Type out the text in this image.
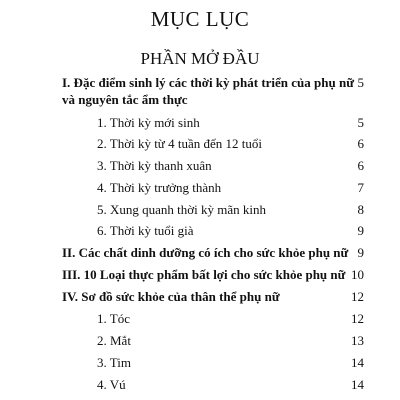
MỤC LỤC
PHẦN MỞ ĐẦU
I. Đặc điểm sinh lý các thời kỳ phát triển của phụ nữ
và nguyên tắc ẩm thực
5
1. Thời kỳ mới sinh	5
2. Thời kỳ từ 4 tuần đến 12 tuổi	6
3. Thời kỳ thanh xuân	6
4. Thời kỳ trưởng thành	7
5. Xung quanh thời kỳ mãn kinh	8
6. Thời kỳ tuổi già	9
II. Các chất dinh dưỡng có ích cho sức khỏe phụ nữ 9
III. 10 Loại thực phẩm bất lợi cho sức khỏe phụ nữ 10
IV. Sơ đồ sức khỏe của thân thể phụ nữ	12
1. Tóc	12
2. Mắt	13
3. Tim	14
4. Vú	14
